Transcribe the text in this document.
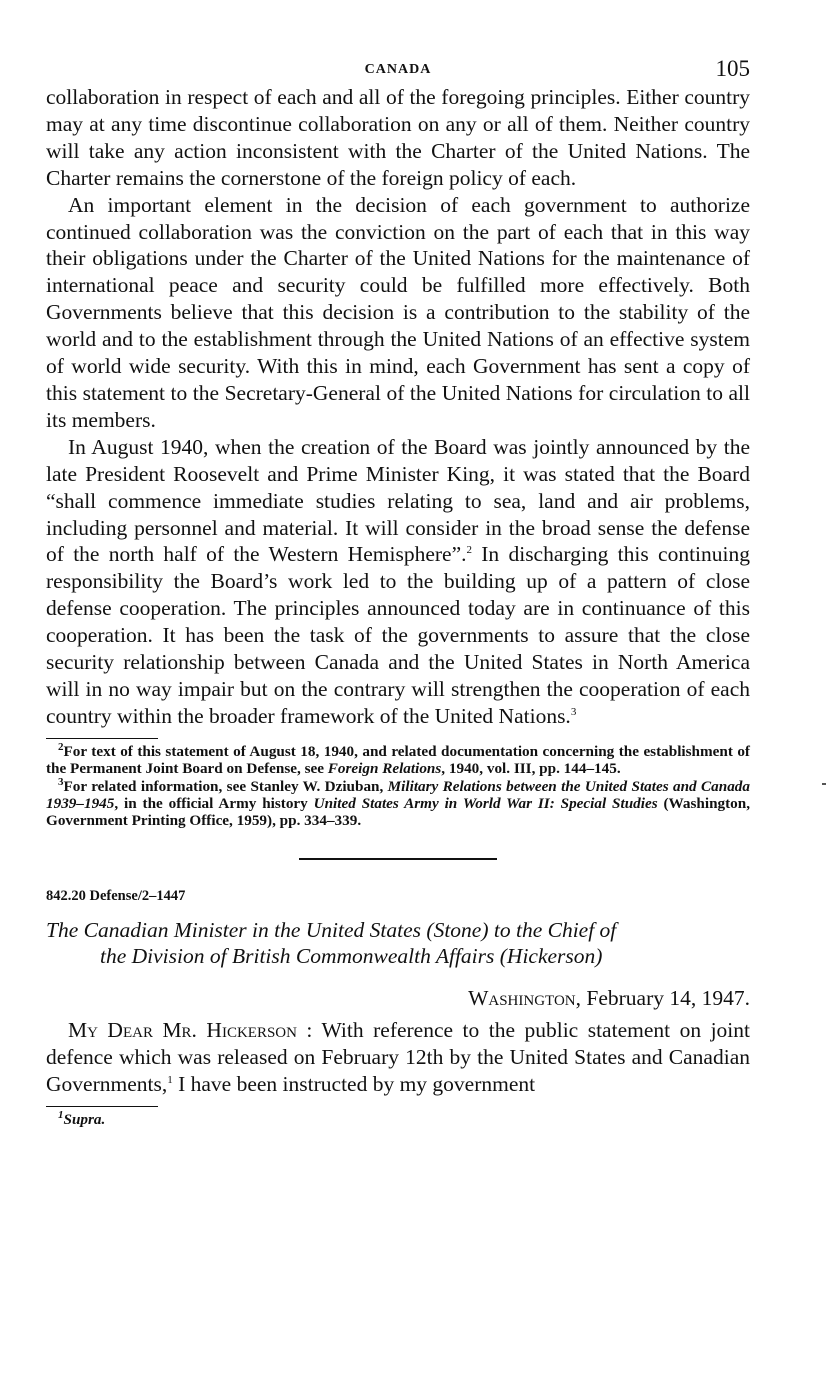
CANADA	105

collaboration in respect of each and all of the foregoing principles. Either country may at any time discontinue collaboration on any or all of them. Neither country will take any action inconsistent with the Charter of the United Nations. The Charter remains the cornerstone of the foreign policy of each.

An important element in the decision of each government to authorize continued collaboration was the conviction on the part of each that in this way their obligations under the Charter of the United Nations for the maintenance of international peace and security could be fulfilled more effectively. Both Governments believe that this decision is a contribution to the stability of the world and to the establishment through the United Nations of an effective system of world wide security. With this in mind, each Government has sent a copy of this statement to the Secretary-General of the United Nations for circulation to all its members.

In August 1940, when the creation of the Board was jointly announced by the late President Roosevelt and Prime Minister King, it was stated that the Board “shall commence immediate studies relating to sea, land and air problems, including personnel and material. It will consider in the broad sense the defense of the north half of the Western Hemisphere”.$^2$ In discharging this continuing responsibility the Board’s work led to the building up of a pattern of close defense cooperation. The principles announced today are in continuance of this cooperation. It has been the task of the governments to assure that the close security relationship between Canada and the United States in North America will in no way impair but on the contrary will strengthen the cooperation of each country within the broader framework of the United Nations.$^3$

$^2$For text of this statement of August 18, 1940, and related documentation concerning the establishment of the Permanent Joint Board on Defense, see Foreign Relations, 1940, vol. III, pp. 144–145.

$^3$For related information, see Stanley W. Dziuban, Military Relations between the United States and Canada 1939–1945, in the official Army history United States Army in World War II: Special Studies (Washington, Government Printing Office, 1959), pp. 334–339.

842.20 Defense/2–1447
The Canadian Minister in the United States (Stone) to the Chief of
the Division of British Commonwealth Affairs (Hickerson)
Washington, February 14, 1947.

My Dear Mr. Hickerson : With reference to the public statement on joint defence which was released on February 12th by the United States and Canadian Governments,$^1$ I have been instructed by my government

$^1$Supra.
